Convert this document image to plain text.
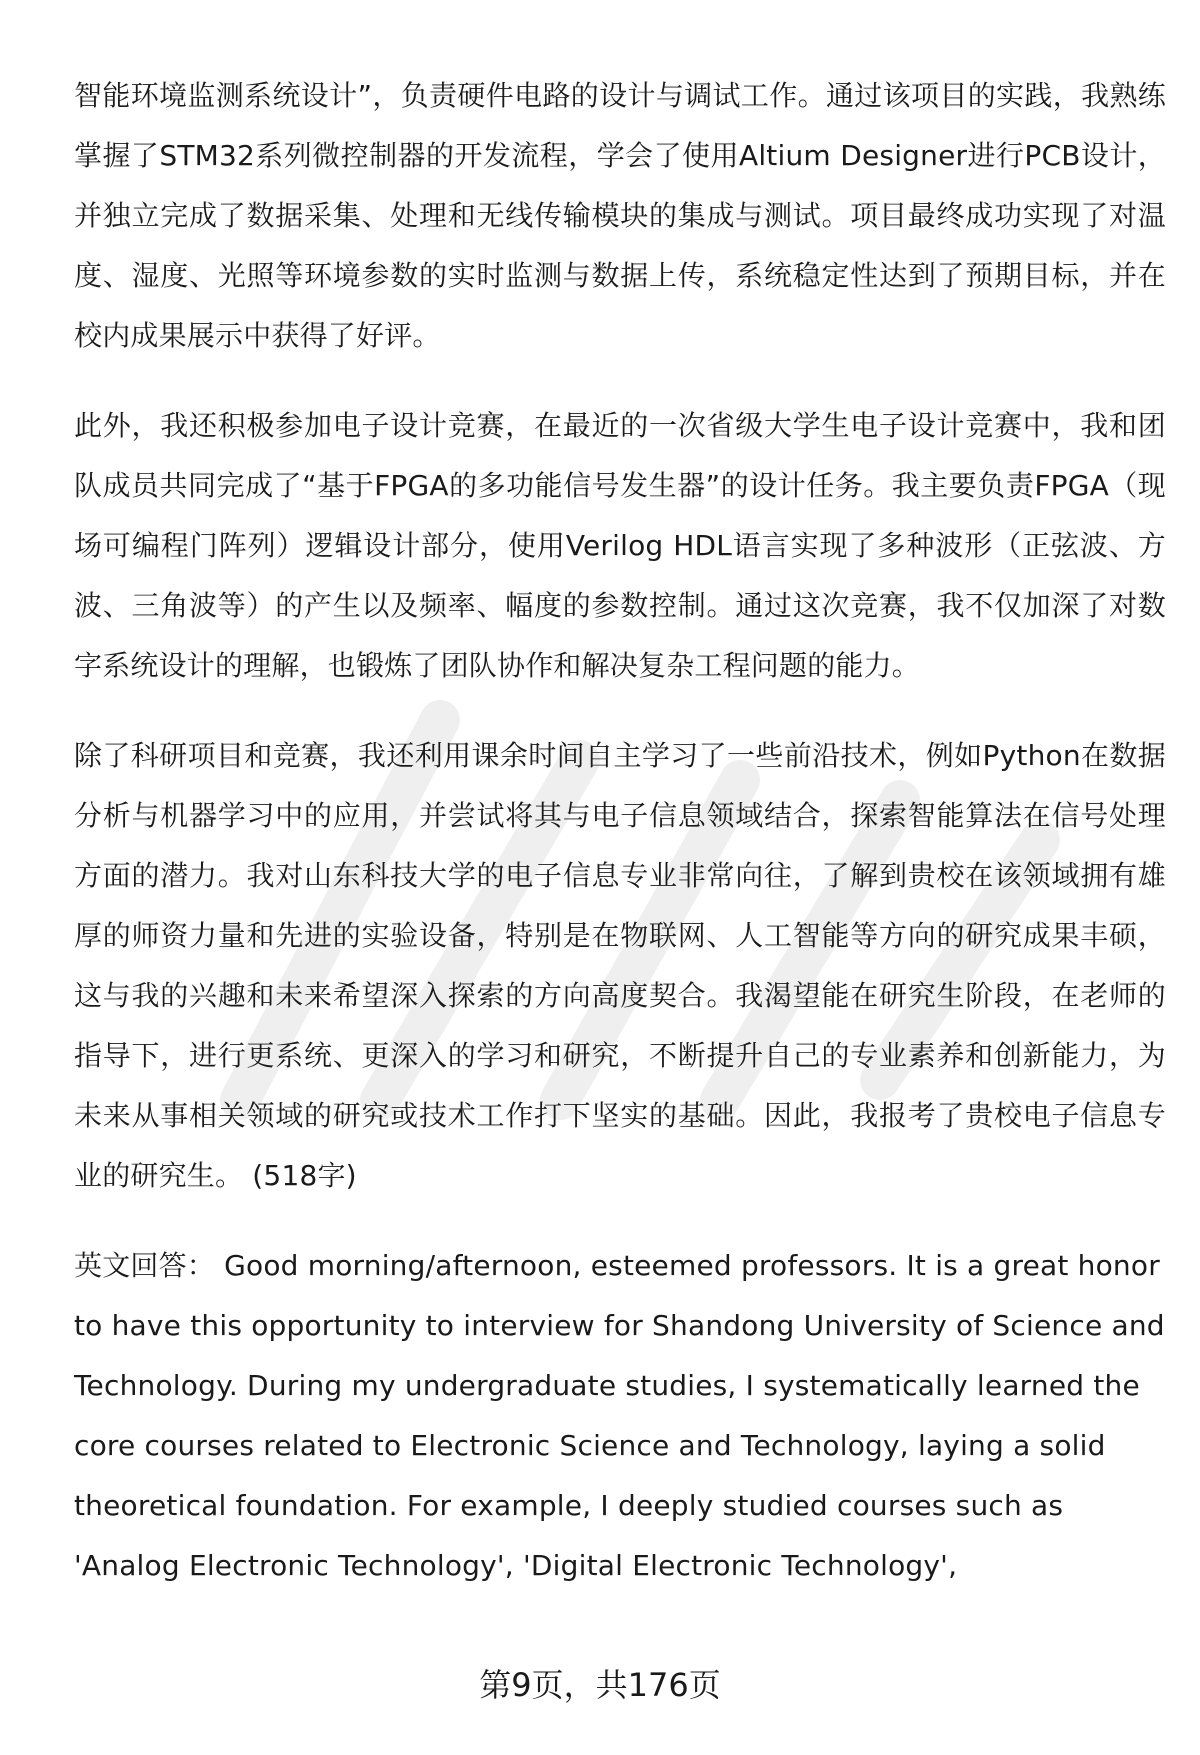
智能环境监测系统设计”，负责硬件电路的设计与调试工作。通过该项目的实践，我熟练掌握了STM32系列微控制器的开发流程，学会了使用Altium Designer进行PCB设计，并独立完成了数据采集、处理和无线传输模块的集成与测试。项目最终成功实现了对温度、湿度、光照等环境参数的实时监测与数据上传，系统稳定性达到了预期目标，并在校内成果展示中获得了好评。

此外，我还积极参加电子设计竞赛，在最近的一次省级大学生电子设计竞赛中，我和团队成员共同完成了“基于FPGA的多功能信号发生器”的设计任务。我主要负责FPGA（现场可编程门阵列）逻辑设计部分，使用Verilog HDL语言实现了多种波形（正弦波、方波、三角波等）的产生以及频率、幅度的参数控制。通过这次竞赛，我不仅加深了对数字系统设计的理解，也锻炼了团队协作和解决复杂工程问题的能力。

除了科研项目和竞赛，我还利用课余时间自主学习了一些前沿技术，例如Python在数据分析与机器学习中的应用，并尝试将其与电子信息领域结合，探索智能算法在信号处理方面的潜力。我对山东科技大学的电子信息专业非常向往，了解到贵校在该领域拥有雄厚的师资力量和先进的实验设备，特别是在物联网、人工智能等方向的研究成果丰硕，这与我的兴趣和未来希望深入探索的方向高度契合。我渴望能在研究生阶段，在老师的指导下，进行更系统、更深入的学习和研究，不断提升自己的专业素养和创新能力，为未来从事相关领域的研究或技术工作打下坚实的基础。因此，我报考了贵校电子信息专业的研究生。 (518字)

英文回答： Good morning/afternoon, esteemed professors. It is a great honor to have this opportunity to interview for Shandong University of Science and Technology. During my undergraduate studies, I systematically learned the core courses related to Electronic Science and Technology, laying a solid theoretical foundation. For example, I deeply studied courses such as 'Analog Electronic Technology', 'Digital Electronic Technology',

第9页，共176页
